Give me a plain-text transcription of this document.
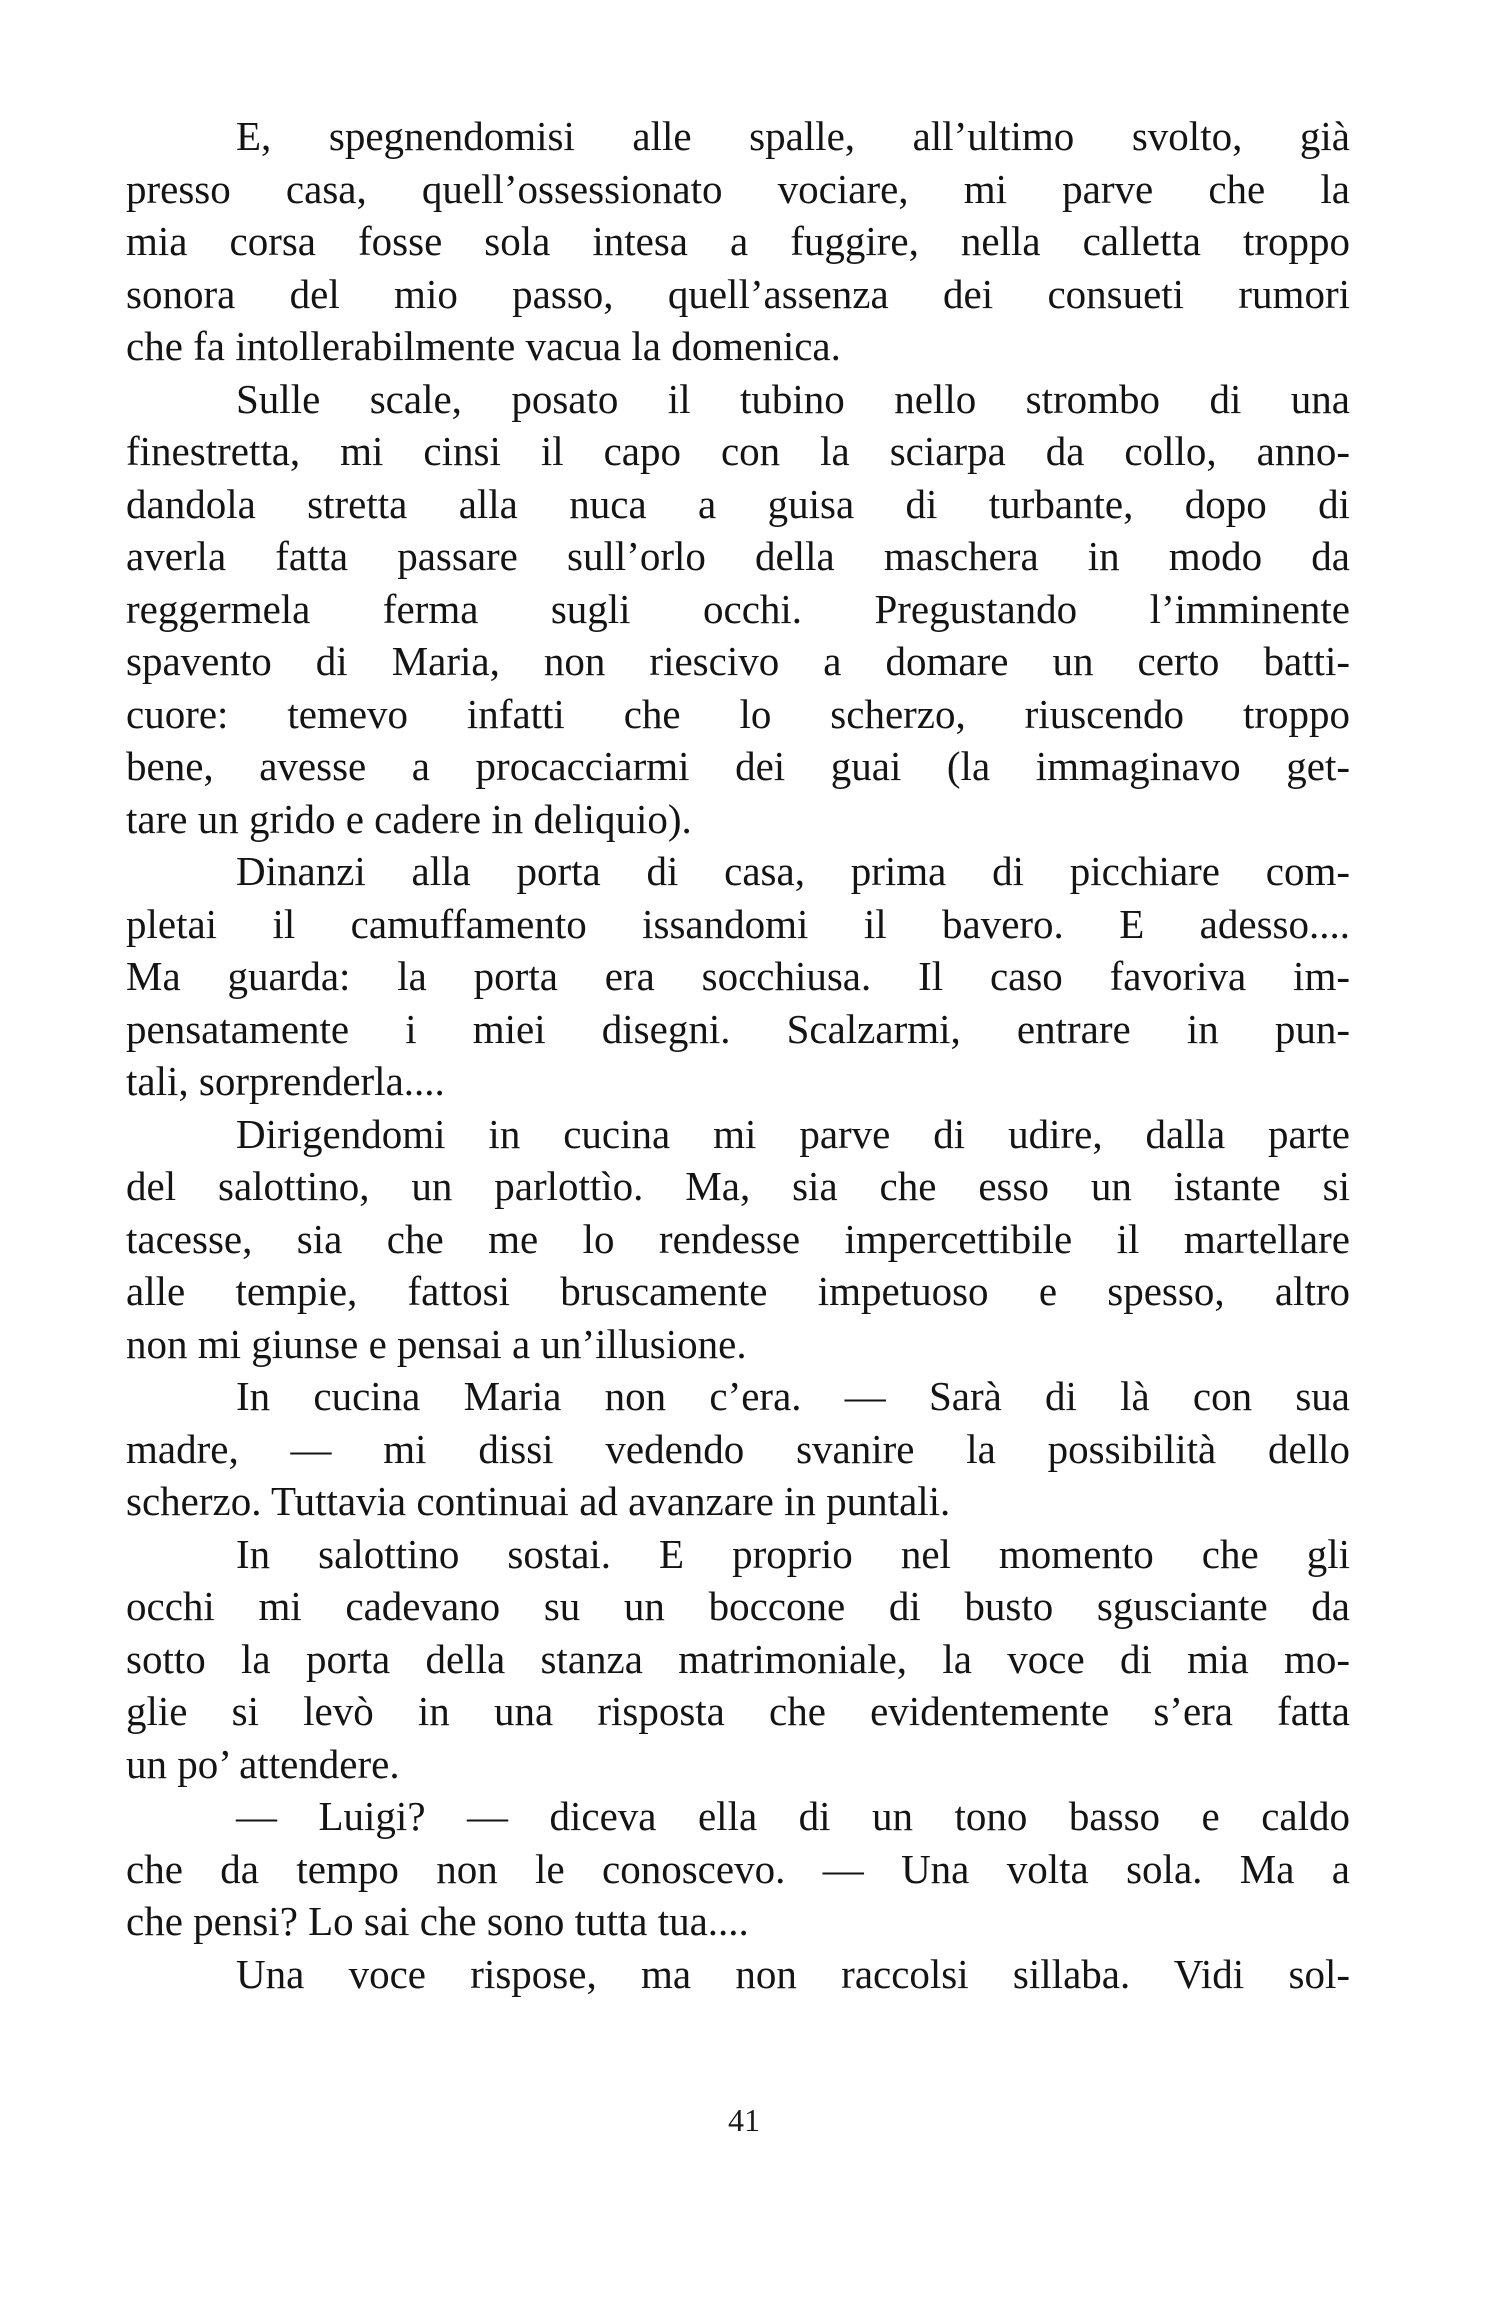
E, spegnendomisi alle spalle, all’ultimo svolto, già
presso casa, quell’ossessionato vociare, mi parve che la
mia corsa fosse sola intesa a fuggire, nella calletta troppo
sonora del mio passo, quell’assenza dei consueti rumori
che fa intollerabilmente vacua la domenica.
Sulle scale, posato il tubino nello strombo di una
finestretta, mi cinsi il capo con la sciarpa da collo, anno-
dandola stretta alla nuca a guisa di turbante, dopo di
averla fatta passare sull’orlo della maschera in modo da
reggermela ferma sugli occhi. Pregustando l’imminente
spavento di Maria, non riescivo a domare un certo batti-
cuore: temevo infatti che lo scherzo, riuscendo troppo
bene, avesse a procacciarmi dei guai (la immaginavo get-
tare un grido e cadere in deliquio).
Dinanzi alla porta di casa, prima di picchiare com-
pletai il camuffamento issandomi il bavero. E adesso....
Ma guarda: la porta era socchiusa. Il caso favoriva im-
pensatamente i miei disegni. Scalzarmi, entrare in pun-
tali, sorprenderla....
Dirigendomi in cucina mi parve di udire, dalla parte
del salottino, un parlottìo. Ma, sia che esso un istante si
tacesse, sia che me lo rendesse impercettibile il martellare
alle tempie, fattosi bruscamente impetuoso e spesso, altro
non mi giunse e pensai a un’illusione.
In cucina Maria non c’era. — Sarà di là con sua
madre, — mi dissi vedendo svanire la possibilità dello
scherzo. Tuttavia continuai ad avanzare in puntali.
In salottino sostai. E proprio nel momento che gli
occhi mi cadevano su un boccone di busto sgusciante da
sotto la porta della stanza matrimoniale, la voce di mia mo-
glie si levò in una risposta che evidentemente s’era fatta
un po’ attendere.
— Luigi? — diceva ella di un tono basso e caldo
che da tempo non le conoscevo. — Una volta sola. Ma a
che pensi? Lo sai che sono tutta tua....
Una voce rispose, ma non raccolsi sillaba. Vidi sol-
41
